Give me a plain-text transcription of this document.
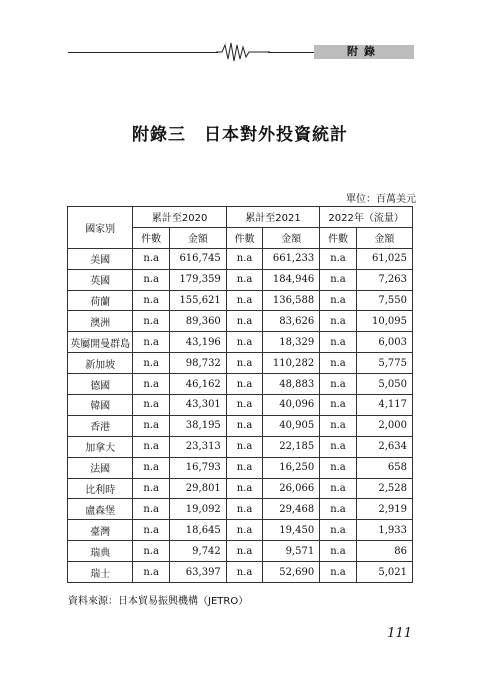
附錄
附錄三　日本對外投資統計
單位：百萬美元
國家別	累計至2020		累計至2021		2022年（流量）	
	件數	金額	件數	金額	件數	金額
美國	n.a	616,745	n.a	661,233	n.a	61,025
英國	n.a	179,359	n.a	184,946	n.a	7,263
荷蘭	n.a	155,621	n.a	136,588	n.a	7,550
澳洲	n.a	89,360	n.a	83,626	n.a	10,095
英屬開曼群島	n.a	43,196	n.a	18,329	n.a	6,003
新加坡	n.a	98,732	n.a	110,282	n.a	5,775
德國	n.a	46,162	n.a	48,883	n.a	5,050
韓國	n.a	43,301	n.a	40,096	n.a	4,117
香港	n.a	38,195	n.a	40,905	n.a	2,000
加拿大	n.a	23,313	n.a	22,185	n.a	2,634
法國	n.a	16,793	n.a	16,250	n.a	658
比利時	n.a	29,801	n.a	26,066	n.a	2,528
盧森堡	n.a	19,092	n.a	29,468	n.a	2,919
臺灣	n.a	18,645	n.a	19,450	n.a	1,933
瑞典	n.a	9,742	n.a	9,571	n.a	86
瑞士	n.a	63,397	n.a	52,690	n.a	5,021
資料來源：日本貿易振興機構（JETRO）
111
